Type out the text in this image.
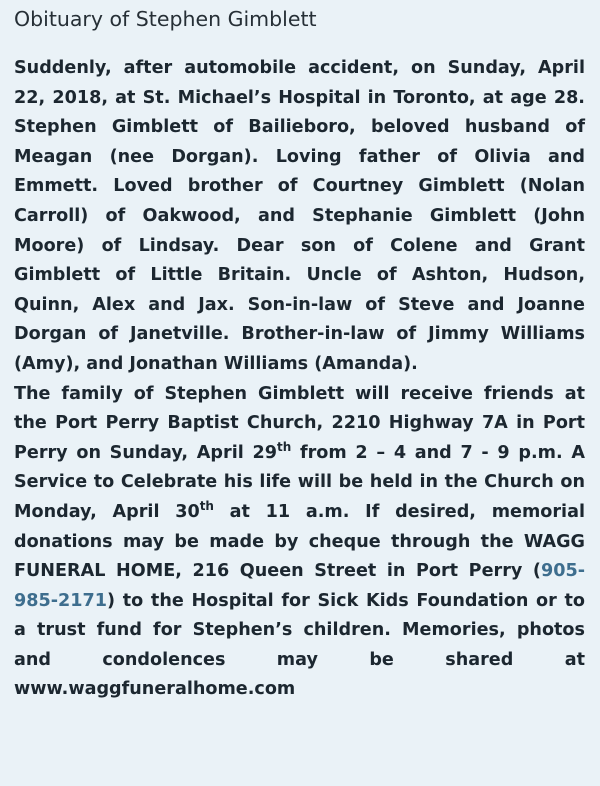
Obituary of Stephen Gimblett

Suddenly, after automobile accident, on Sunday, April 22, 2018, at St. Michael’s Hospital in Toronto, at age 28. Stephen Gimblett of Bailieboro, beloved husband of Meagan (nee Dorgan). Loving father of Olivia and Emmett. Loved brother of Courtney Gimblett (Nolan Carroll) of Oakwood, and Stephanie Gimblett (John Moore) of Lindsay. Dear son of Colene and Grant Gimblett of Little Britain. Uncle of Ashton, Hudson, Quinn, Alex and Jax. Son-in-law of Steve and Joanne Dorgan of Janetville. Brother-in-law of Jimmy Williams (Amy), and Jonathan Williams (Amanda).

The family of Stephen Gimblett will receive friends at the Port Perry Baptist Church, 2210 Highway 7A in Port Perry on Sunday, April 29th from 2 – 4 and 7 - 9 p.m. A Service to Celebrate his life will be held in the Church on Monday, April 30th at 11 a.m. If desired, memorial donations may be made by cheque through the WAGG FUNERAL HOME, 216 Queen Street in Port Perry (905-985-2171) to the Hospital for Sick Kids Foundation or to a trust fund for Stephen’s children. Memories, photos and condolences may be shared at www.waggfuneralhome.com
